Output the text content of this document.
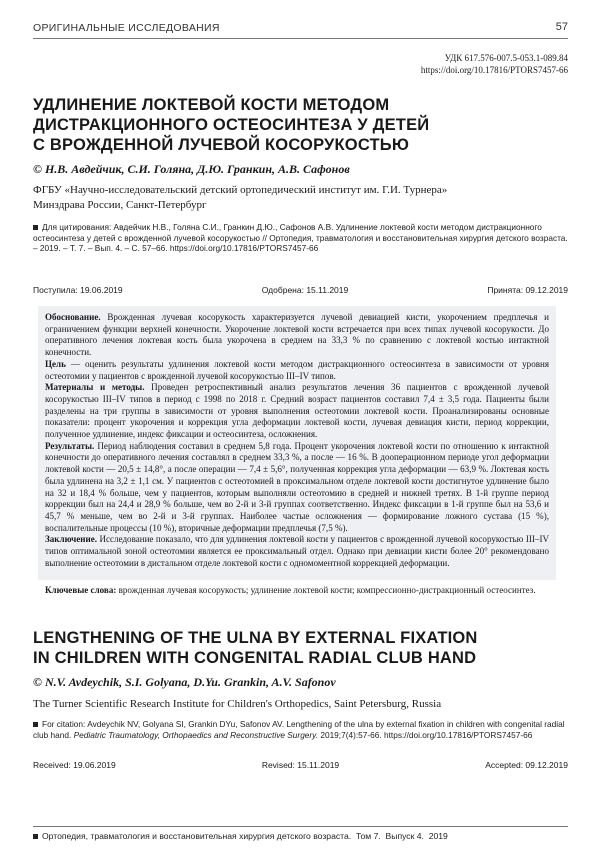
ОРИГИНАЛЬНЫЕ ИССЛЕДОВАНИЯ	57
УДК 617.576-007.5-053.1-089.84
https://doi.org/10.17816/PTORS7457-66
УДЛИНЕНИЕ ЛОКТЕВОЙ КОСТИ МЕТОДОМ
ДИСТРАКЦИОННОГО ОСТЕОСИНТЕЗА У ДЕТЕЙ
С ВРОЖДЕННОЙ ЛУЧЕВОЙ КОСОРУКОСТЬЮ
© Н.В. Авдейчик, С.И. Голяна, Д.Ю. Гранкин, А.В. Сафонов
ФГБУ «Научно-исследовательский детский ортопедический институт им. Г.И. Турнера»
Минздрава России, Санкт-Петербург
Для цитирования: Авдейчик Н.В., Голяна С.И., Гранкин Д.Ю., Сафонов А.В. Удлинение локтевой кости методом дистракционного остеосинтеза у детей с врожденной лучевой косорукостью // Ортопедия, травматология и восстановительная хирургия детского возраста. – 2019. – Т. 7. – Вып. 4. – С. 57–66. https://doi.org/10.17816/PTORS7457-66
Поступила: 19.06.2019	Одобрена: 15.11.2019	Принята: 09.12.2019

Обоснование. Врожденная лучевая косорукость характеризуется лучевой девиацией кисти, укорочением предплечья и ограничением функции верхней конечности. Укорочение локтевой кости встречается при всех типах лучевой косорукости. До оперативного лечения локтевая кость была укорочена в среднем на 33,3 % по сравнению с локтевой костью интактной конечности.

Цель — оценить результаты удлинения локтевой кости методом дистракционного остеосинтеза в зависимости от уровня остеотомии у пациентов с врожденной лучевой косорукостью III–IV типов.

Материалы и методы. Проведен ретроспективный анализ результатов лечения 36 пациентов с врожденной лучевой косорукостью III–IV типов в период с 1998 по 2018 г. Средний возраст пациентов составил 7,4 ± 3,5 года. Пациенты были разделены на три группы в зависимости от уровня выполнения остеотомии локтевой кости. Проанализированы основные показатели: процент укорочения и коррекция угла деформации локтевой кости, лучевая девиация кисти, период коррекции, полученное удлинение, индекс фиксации и остеосинтеза, осложнения.

Результаты. Период наблюдения составил в среднем 5,8 года. Процент укорочения локтевой кости по отношению к интактной конечности до оперативного лечения составлял в среднем 33,3 %, а после — 16 %. В дооперационном периоде угол деформации локтевой кости — 20,5 ± 14,8°, а после операции — 7,4 ± 5,6°, полученная коррекция угла деформации — 63,9 %. Локтевая кость была удлинена на 3,2 ± 1,1 см. У пациентов с остеотомией в проксимальном отделе локтевой кости достигнутое удлинение было на 32 и 18,4 % больше, чем у пациентов, которым выполняли остеотомию в средней и нижней третях. В 1-й группе период коррекции был на 24,4 и 28,9 % больше, чем во 2-й и 3-й группах соответственно. Индекс фиксации в 1-й группе был на 53,6 и 45,7 % меньше, чем во 2-й и 3-й группах. Наиболее частые осложнения — формирование ложного сустава (15 %), воспалительные процессы (10 %), вторичные деформации предплечья (7,5 %).

Заключение. Исследование показало, что для удлинения локтевой кости у пациентов с врожденной лучевой косорукостью III–IV типов оптимальной зоной остеотомии является ее проксимальный отдел. Однако при девиации кисти более 20° рекомендовано выполнение остеотомии в дистальном отделе локтевой кости с одномоментной коррекцией деформации.

Ключевые слова: врожденная лучевая косорукость; удлинение локтевой кости; компрессионно-дистракционный остеосинтез.
LENGTHENING OF THE ULNA BY EXTERNAL FIXATION
IN CHILDREN WITH CONGENITAL RADIAL CLUB HAND
© N.V. Avdeychik, S.I. Golyana, D.Yu. Grankin, A.V. Safonov
The Turner Scientific Research Institute for Children's Orthopedics, Saint Petersburg, Russia
For citation: Avdeychik NV, Golyana SI, Grankin DYu, Safonov AV. Lengthening of the ulna by external fixation in children with congenital radial club hand. Pediatric Traumatology, Orthopaedics and Reconstructive Surgery. 2019;7(4):57-66. https://doi.org/10.17816/PTORS7457-66
Received: 19.06.2019	Revised: 15.11.2019	Accepted: 09.12.2019
Ортопедия, травматология и восстановительная хирургия детского возраста. Том 7. Выпуск 4. 2019
